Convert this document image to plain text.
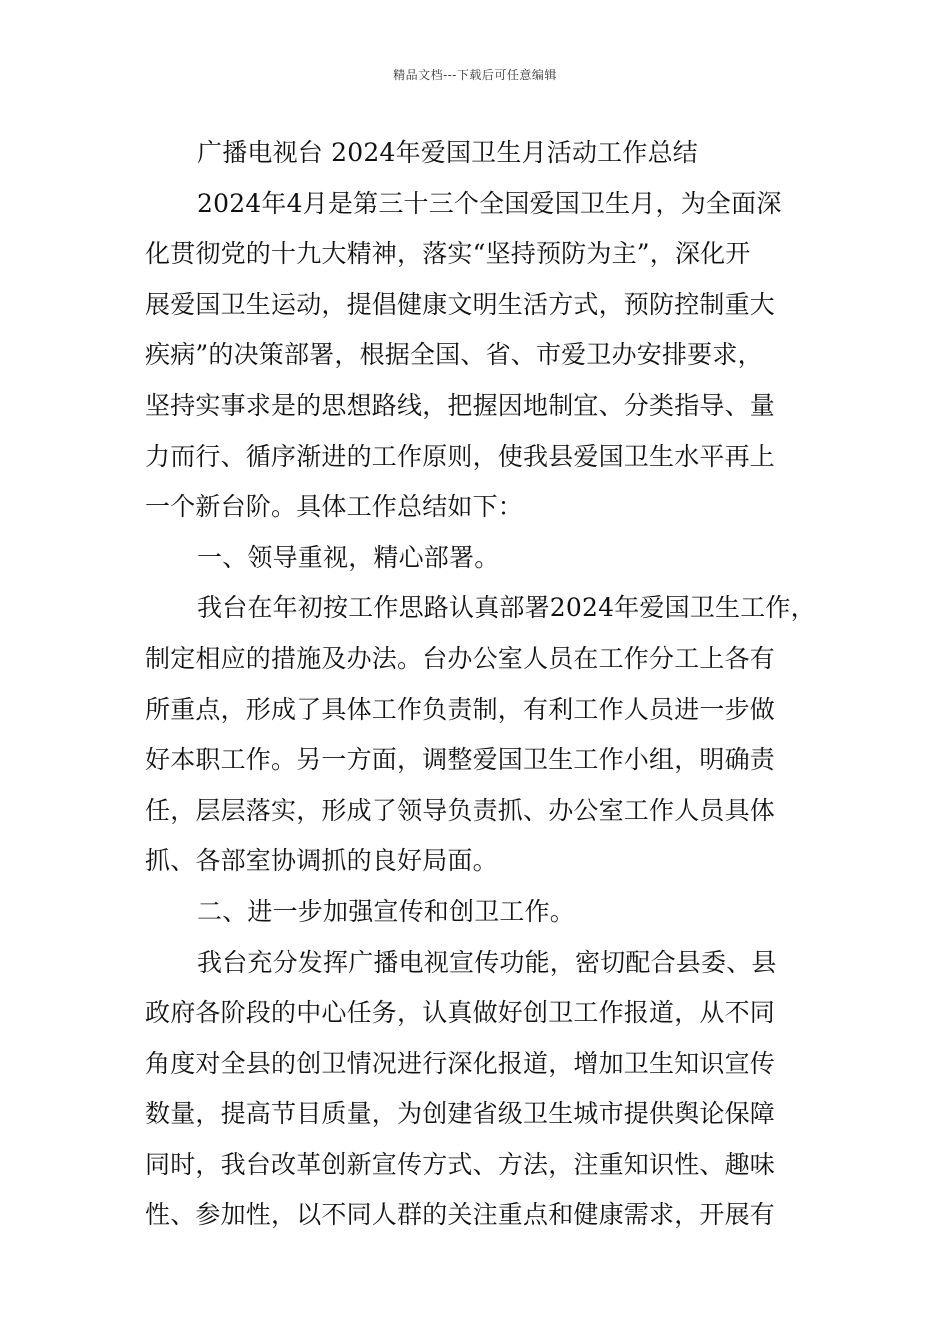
精品文档---下载后可任意编辑
广播电视台 2024年爱国卫生月活动工作总结
2024年4月是第三十三个全国爱国卫生月，为全面深
化贯彻党的十九大精神，落实“坚持预防为主”，深化开
展爱国卫生运动，提倡健康文明生活方式，预防控制重大
疾病”的决策部署，根据全国、省、市爱卫办安排要求，
坚持实事求是的思想路线，把握因地制宜、分类指导、量
力而行、循序渐进的工作原则，使我县爱国卫生水平再上
一个新台阶。具体工作总结如下：
一、领导重视，精心部署。
我台在年初按工作思路认真部署2024年爱国卫生工作，
制定相应的措施及办法。台办公室人员在工作分工上各有
所重点，形成了具体工作负责制，有利工作人员进一步做
好本职工作。另一方面，调整爱国卫生工作小组，明确责
任，层层落实，形成了领导负责抓、办公室工作人员具体
抓、各部室协调抓的良好局面。
二、进一步加强宣传和创卫工作。
我台充分发挥广播电视宣传功能，密切配合县委、县
政府各阶段的中心任务，认真做好创卫工作报道，从不同
角度对全县的创卫情况进行深化报道，增加卫生知识宣传
数量，提高节目质量，为创建省级卫生城市提供舆论保障
同时，我台改革创新宣传方式、方法，注重知识性、趣味
性、参加性，以不同人群的关注重点和健康需求，开展有
